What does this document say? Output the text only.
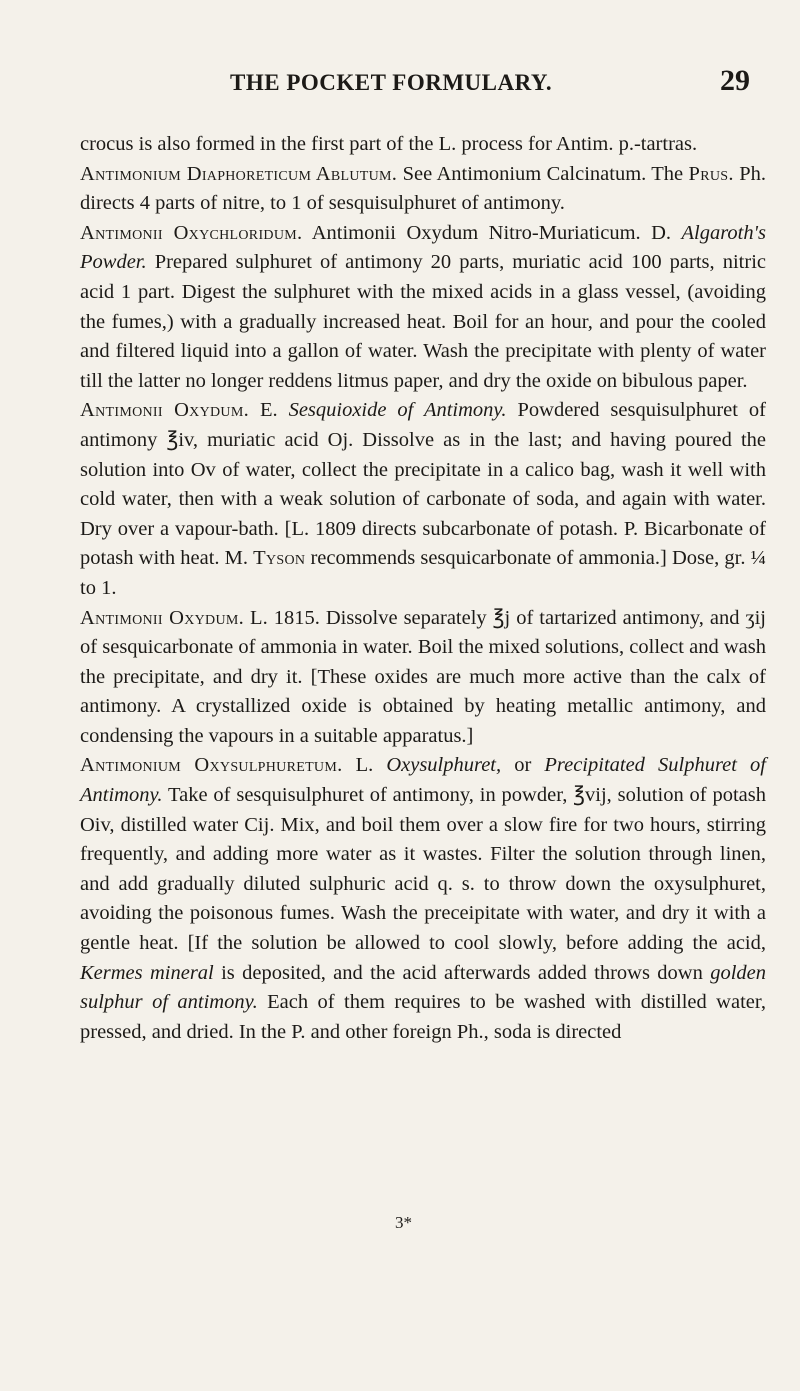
THE POCKET FORMULARY.	29

crocus is also formed in the first part of the L. process for Antim. p.-tartras.

Antimonium Diaphoreticum Ablutum. See Antimonium Calcinatum. The Prus. Ph. directs 4 parts of nitre, to 1 of sesquisulphuret of antimony.

Antimonii Oxychloridum. Antimonii Oxydum Nitro-Muriaticum. D. Algaroth's Powder. Prepared sulphuret of antimony 20 parts, muriatic acid 100 parts, nitric acid 1 part. Digest the sulphuret with the mixed acids in a glass vessel, (avoiding the fumes,) with a gradually increased heat. Boil for an hour, and pour the cooled and filtered liquid into a gallon of water. Wash the precipitate with plenty of water till the latter no longer reddens litmus paper, and dry the oxide on bibulous paper.

Antimonii Oxydum. E. Sesquioxide of Antimony. Powdered sesquisulphuret of antimony ℥iv, muriatic acid Oj. Dissolve as in the last; and having poured the solution into Ov of water, collect the precipitate in a calico bag, wash it well with cold water, then with a weak solution of carbonate of soda, and again with water. Dry over a vapour-bath. [L. 1809 directs subcarbonate of potash. P. Bicarbonate of potash with heat. M. Tyson recommends sesquicarbonate of ammonia.] Dose, gr. ¼ to 1.

Antimonii Oxydum. L. 1815. Dissolve separately ℥j of tartarized antimony, and ʒij of sesquicarbonate of ammonia in water. Boil the mixed solutions, collect and wash the precipitate, and dry it. [These oxides are much more active than the calx of antimony. A crystallized oxide is obtained by heating metallic antimony, and condensing the vapours in a suitable apparatus.]

Antimonium Oxysulphuretum. L. Oxysulphuret, or Precipitated Sulphuret of Antimony. Take of sesquisulphuret of antimony, in powder, ℥vij, solution of potash Oiv, distilled water Cij. Mix, and boil them over a slow fire for two hours, stirring frequently, and adding more water as it wastes. Filter the solution through linen, and add gradually diluted sulphuric acid q. s. to throw down the oxysulphuret, avoiding the poisonous fumes. Wash the preceipitate with water, and dry it with a gentle heat. [If the solution be allowed to cool slowly, before adding the acid, Kermes mineral is deposited, and the acid afterwards added throws down golden sulphur of antimony. Each of them requires to be washed with distilled water, pressed, and dried. In the P. and other foreign Ph., soda is directed

3*
